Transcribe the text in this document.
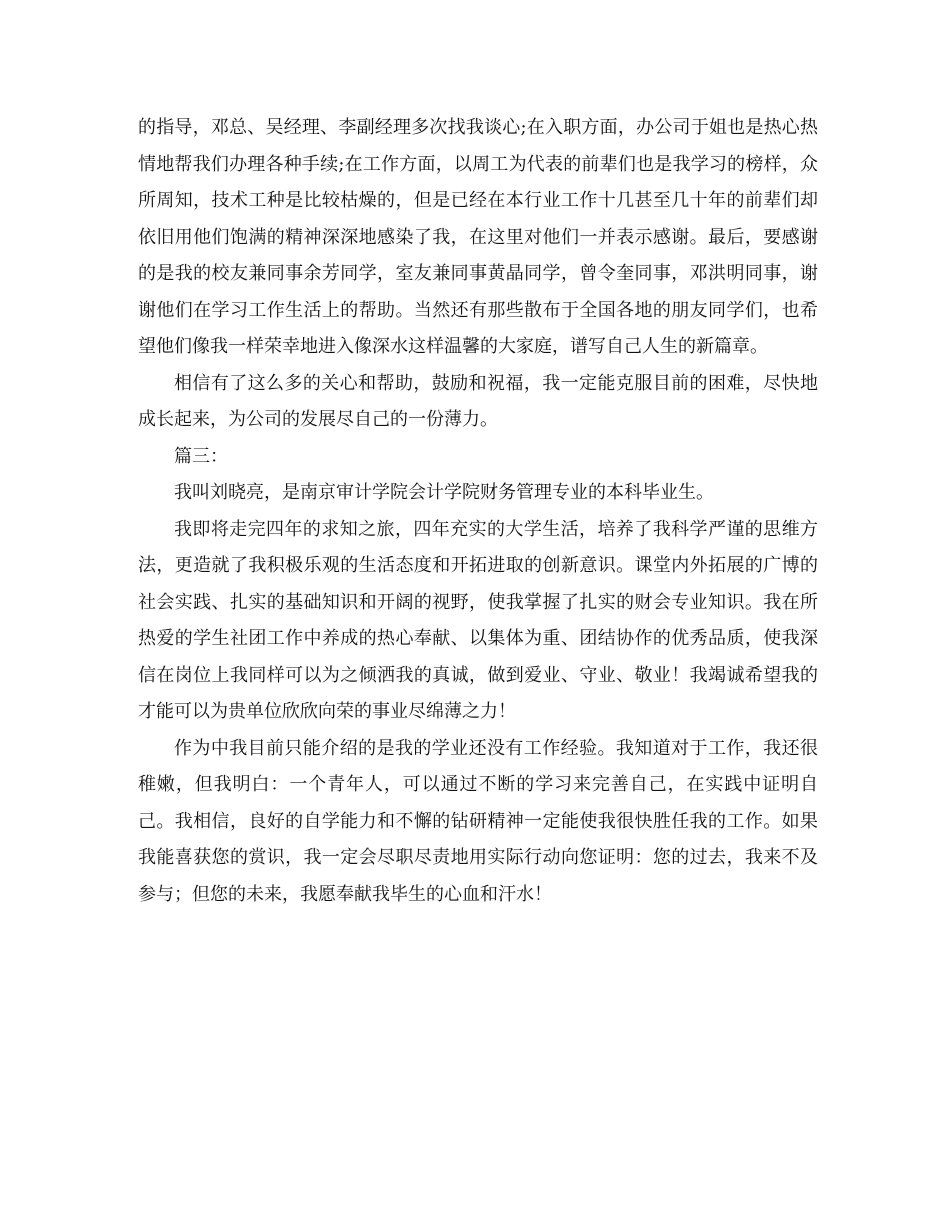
的指导，邓总、吴经理、李副经理多次找我谈心;在入职方面，办公司于姐也是热心热情地帮我们办理各种手续;在工作方面，以周工为代表的前辈们也是我学习的榜样，众所周知，技术工种是比较枯燥的，但是已经在本行业工作十几甚至几十年的前辈们却依旧用他们饱满的精神深深地感染了我，在这里对他们一并表示感谢。最后，要感谢的是我的校友兼同事余芳同学，室友兼同事黄晶同学，曾令奎同事，邓洪明同事，谢谢他们在学习工作生活上的帮助。当然还有那些散布于全国各地的朋友同学们，也希望他们像我一样荣幸地进入像深水这样温馨的大家庭，谱写自己人生的新篇章。

相信有了这么多的关心和帮助，鼓励和祝福，我一定能克服目前的困难，尽快地成长起来，为公司的发展尽自己的一份薄力。

篇三：

我叫刘晓亮，是南京审计学院会计学院财务管理专业的本科毕业生。

我即将走完四年的求知之旅，四年充实的大学生活，培养了我科学严谨的思维方法，更造就了我积极乐观的生活态度和开拓进取的创新意识。课堂内外拓展的广博的社会实践、扎实的基础知识和开阔的视野，使我掌握了扎实的财会专业知识。我在所热爱的学生社团工作中养成的热心奉献、以集体为重、团结协作的优秀品质，使我深信在岗位上我同样可以为之倾洒我的真诚，做到爱业、守业、敬业！我竭诚希望我的才能可以为贵单位欣欣向荣的事业尽绵薄之力！

作为中我目前只能介绍的是我的学业还没有工作经验。我知道对于工作，我还很稚嫩，但我明白：一个青年人，可以通过不断的学习来完善自己，在实践中证明自己。我相信，良好的自学能力和不懈的钻研精神一定能使我很快胜任我的工作。如果我能喜获您的赏识，我一定会尽职尽责地用实际行动向您证明：您的过去，我来不及参与；但您的未来，我愿奉献我毕生的心血和汗水！
